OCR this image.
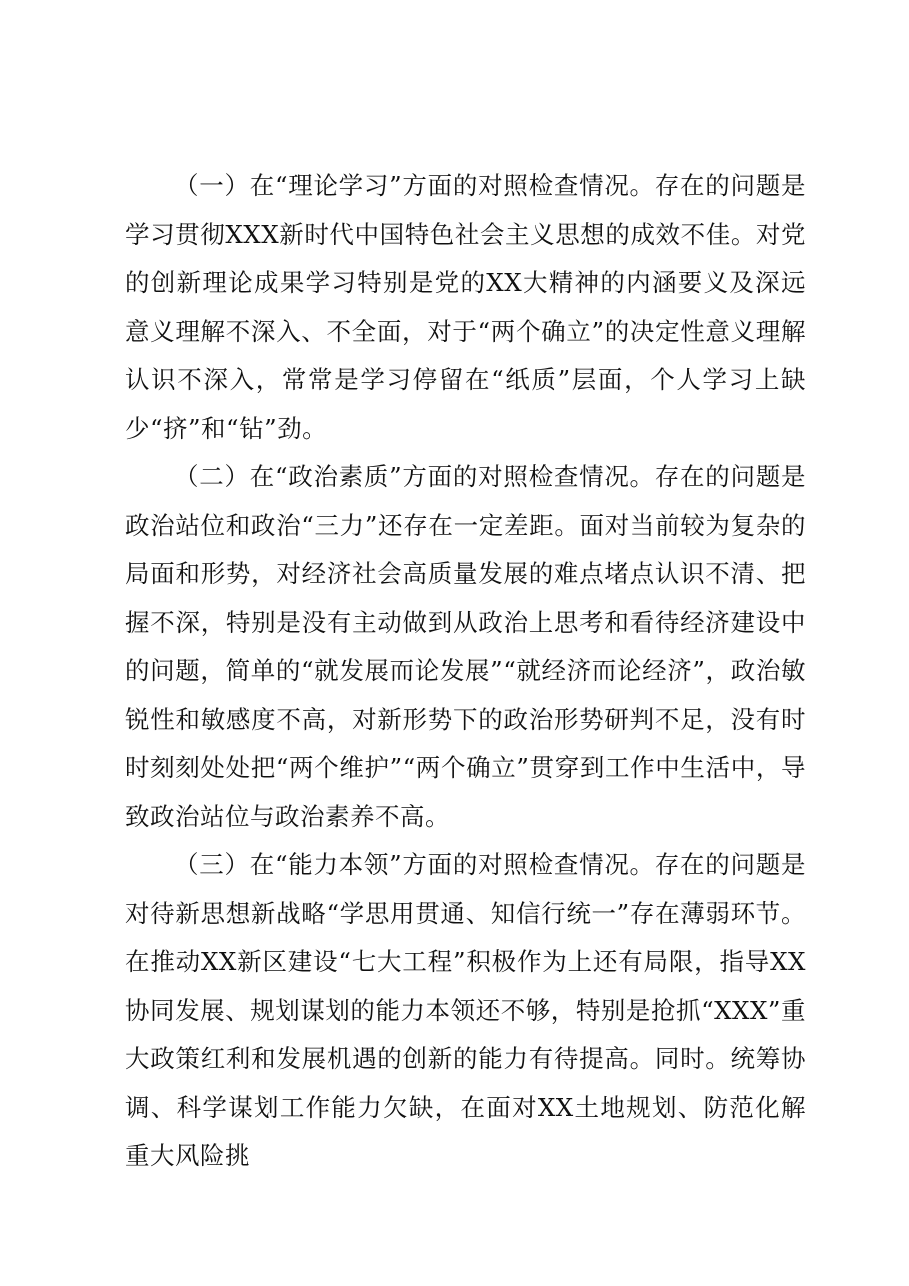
（一）在“理论学习”方面的对照检查情况。存在的问题是学习贯彻XXX新时代中国特色社会主义思想的成效不佳。对党的创新理论成果学习特别是党的XX大精神的内涵要义及深远意义理解不深入、不全面，对于“两个确立”的决定性意义理解认识不深入，常常是学习停留在“纸质”层面，个人学习上缺少“挤”和“钻”劲。

（二）在“政治素质”方面的对照检查情况。存在的问题是政治站位和政治“三力”还存在一定差距。面对当前较为复杂的局面和形势，对经济社会高质量发展的难点堵点认识不清、把握不深，特别是没有主动做到从政治上思考和看待经济建设中的问题，简单的“就发展而论发展”“就经济而论经济”，政治敏锐性和敏感度不高，对新形势下的政治形势研判不足，没有时时刻刻处处把“两个维护”“两个确立”贯穿到工作中生活中，导致政治站位与政治素养不高。

（三）在“能力本领”方面的对照检查情况。存在的问题是对待新思想新战略“学思用贯通、知信行统一”存在薄弱环节。在推动XX新区建设“七大工程”积极作为上还有局限，指导XX协同发展、规划谋划的能力本领还不够，特别是抢抓“XXX”重大政策红利和发展机遇的创新的能力有待提高。同时。统筹协调、科学谋划工作能力欠缺，在面对XX土地规划、防范化解重大风险挑
